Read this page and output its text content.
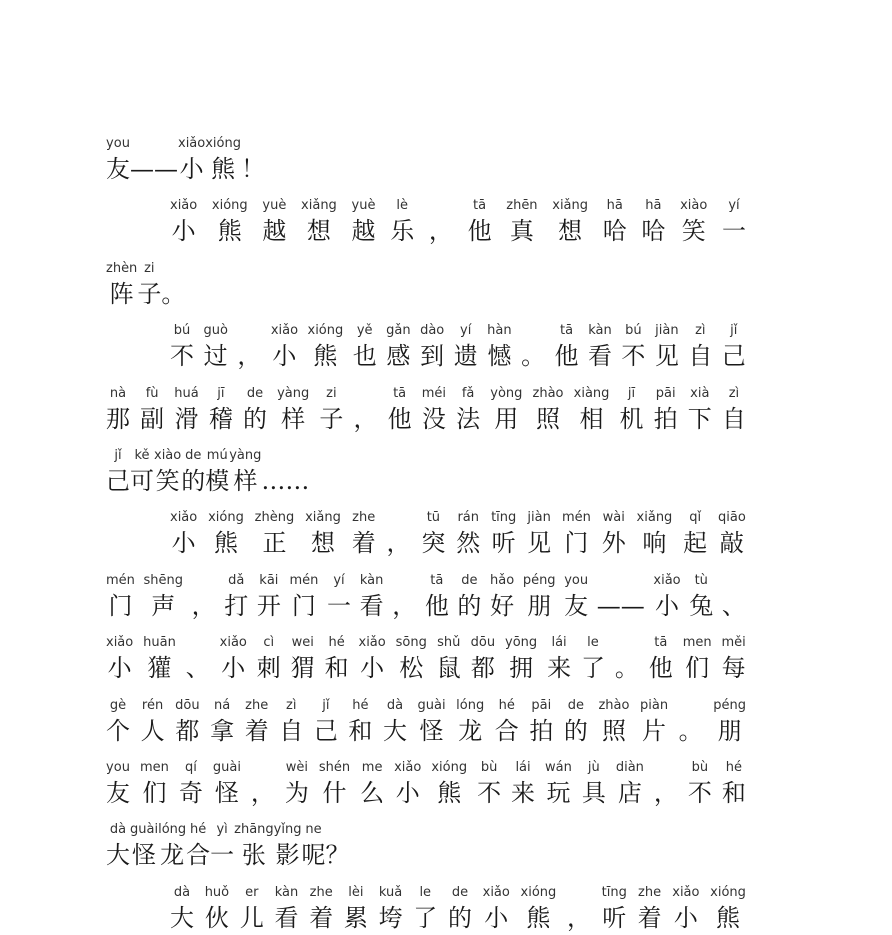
you
友 ——
xiǎo
小
xióng
熊 ！
xiǎo
小
xióng
熊
yuè
越
xiǎng
想
yuè
越
lè
乐 ，
tā
他
zhēn
真
xiǎng
想
hā
哈
hā
哈
xiào
笑
yí
一
zhèn
阵
zi
子 。
bú
不
guò
过 ，
xiǎo
小
xióng
熊
yě
也
gǎn
感
dào
到
yí
遗
hàn
憾 。
tā
他
kàn
看
bú
不
jiàn
见
zì
自
jǐ
己
nà
那
fù
副
huá
滑
jī
稽
de
的
yàng
样
zi
子 ，
tā
他
méi
没
fǎ
法
yòng
用
zhào
照
xiàng
相
jī
机
pāi
拍
xià
下
zì
自
jǐ
己
kě
可
xiào
笑
de
的
mú
模
yàng
样 ……
xiǎo
小
xióng
熊
zhèng
正
xiǎng
想
zhe
着 ，
tū
突
rán
然
tīng
听
jiàn
见
mén
门
wài
外
xiǎng
响
qǐ
起
qiāo
敲
mén
门
shēng
声 ，
dǎ
打
kāi
开
mén
门
yí
一
kàn
看 ，
tā
他
de
的
hǎo
好
péng
朋
you
友 ——
xiǎo
小
tù
兔 、
xiǎo
小
huān
獾 、
xiǎo
小
cì
刺
wei
猬
hé
和
xiǎo
小
sōng
松
shǔ
鼠
dōu
都
yōng
拥
lái
来
le
了 。
tā
他
men
们
měi
每
gè
个
rén
人
dōu
都
ná
拿
zhe
着
zì
自
jǐ
己
hé
和
dà
大
guài
怪
lóng
龙
hé
合
pāi
拍
de
的
zhào
照
piàn
片 。
péng
朋
you
友
men
们
qí
奇
guài
怪 ，
wèi
为
shén
什
me
么
xiǎo
小
xióng
熊
bù
不
lái
来
wán
玩
jù
具
diàn
店 ，
bù
不
hé
和
dà
大
guài
怪
lóng
龙
hé
合
yì
一
zhāng
张
yǐng
影
ne
呢 ？
dà
大
huǒ
伙
er
儿
kàn
看
zhe
着
lèi
累
kuǎ
垮
le
了
de
的
xiǎo
小
xióng
熊 ，
tīng
听
zhe
着
xiǎo
小
xióng
熊
